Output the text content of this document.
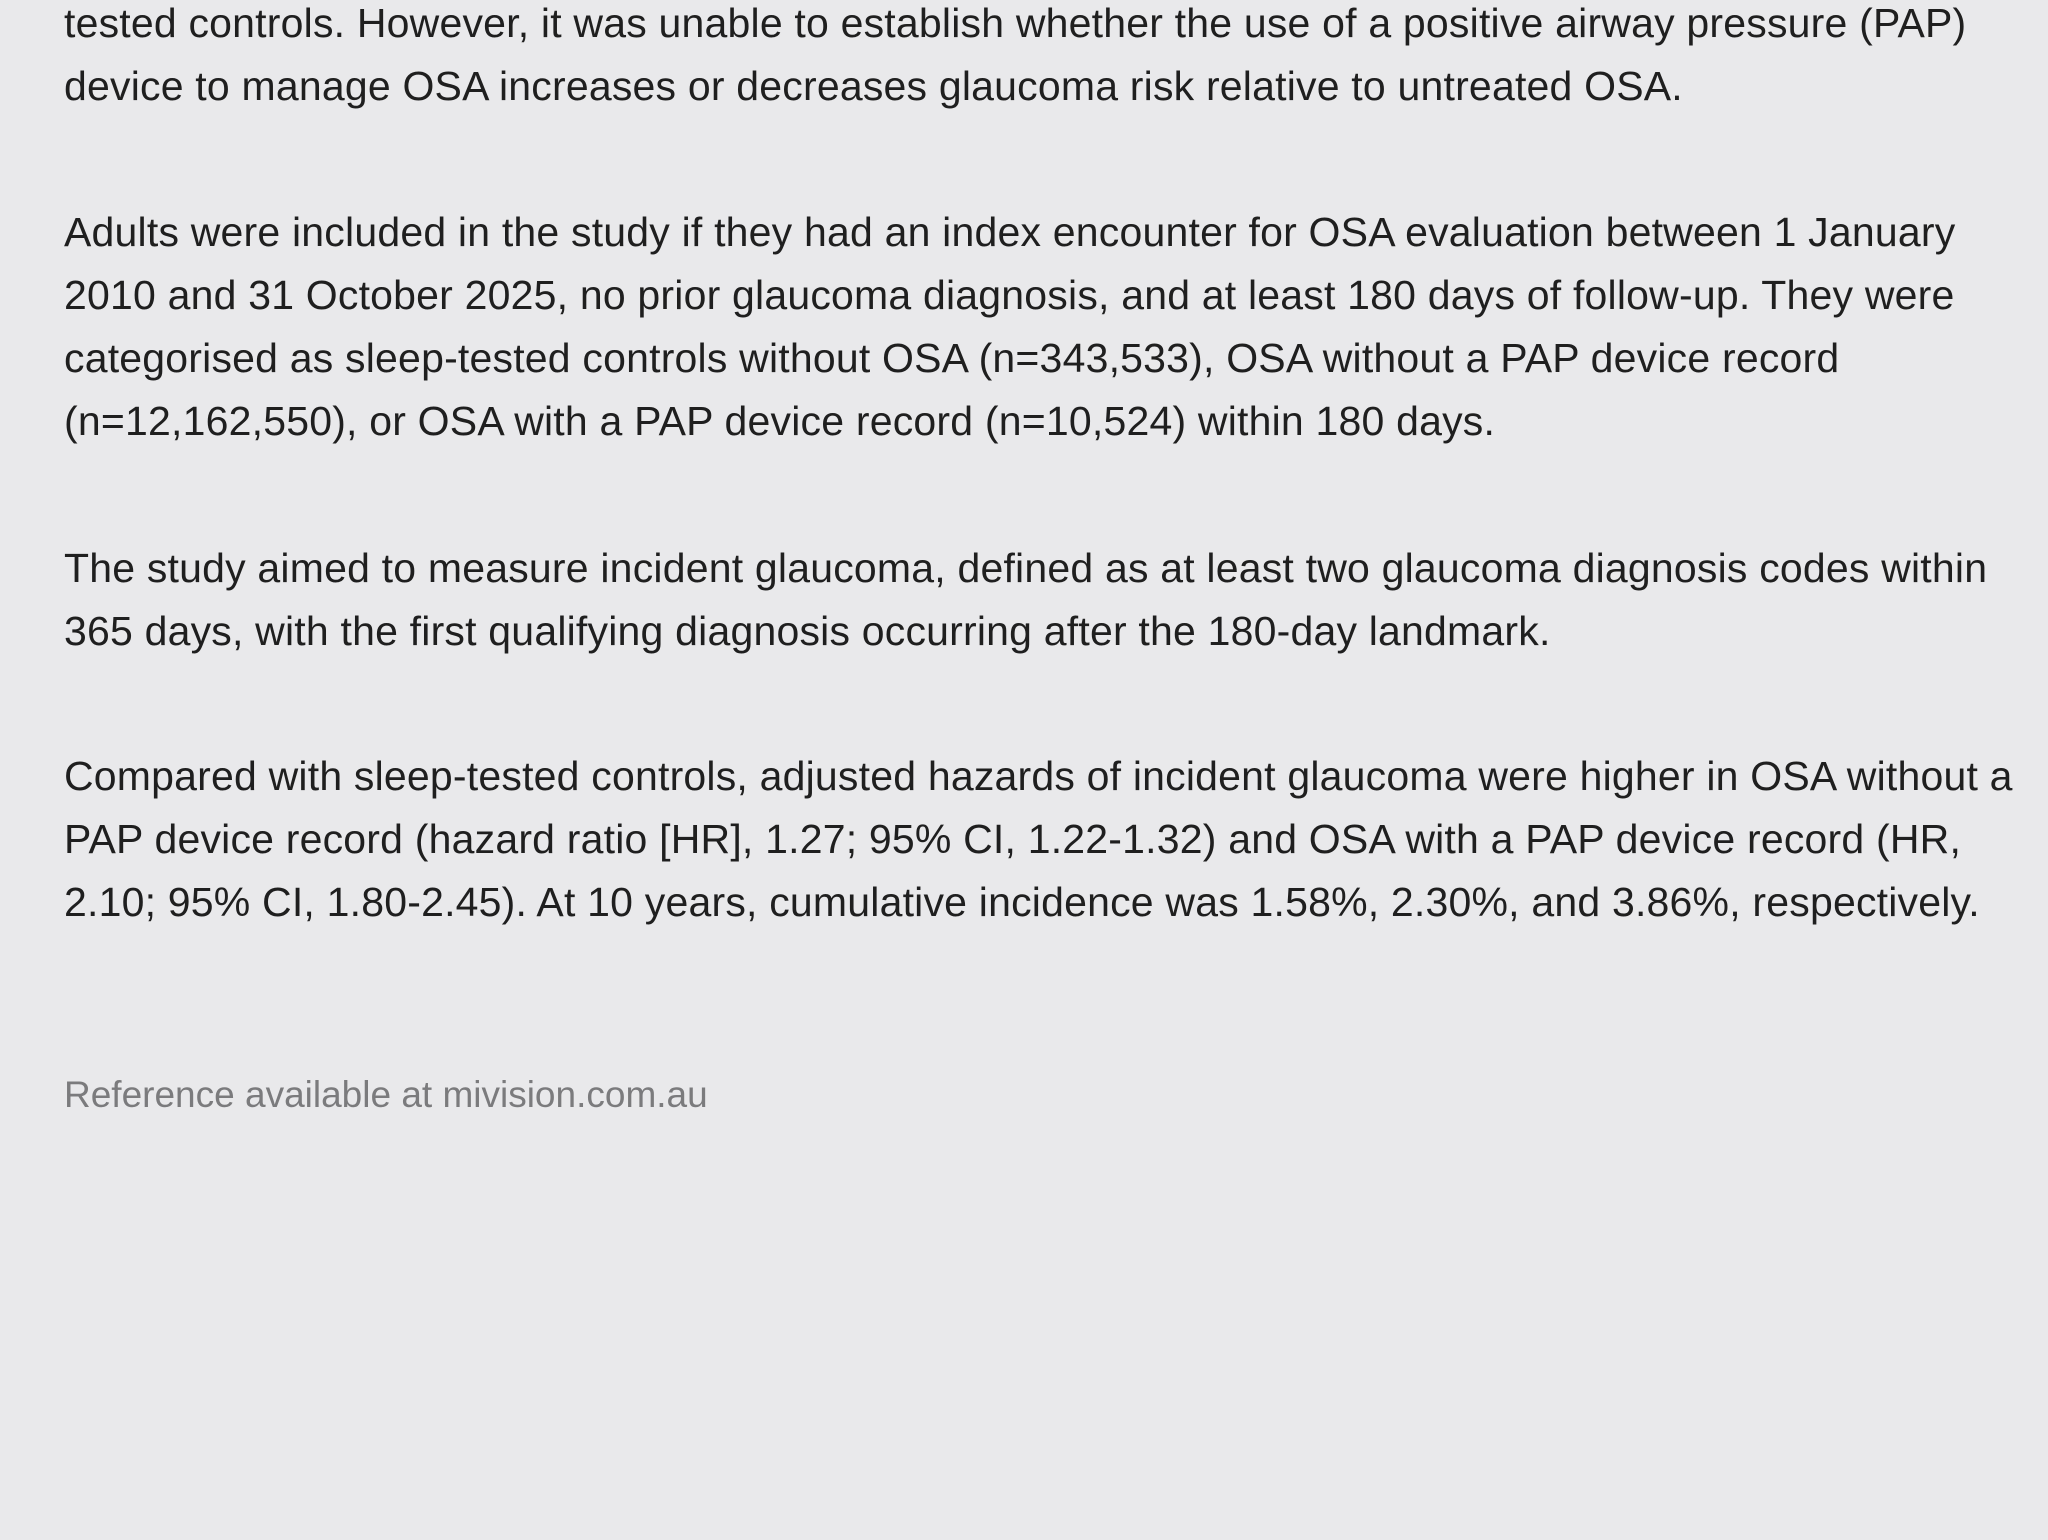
tested controls. However, it was unable to establish whether the use of a positive airway pressure (PAP) device to manage OSA increases or decreases glaucoma risk relative to untreated OSA.

Adults were included in the study if they had an index encounter for OSA evaluation between 1 January 2010 and 31 October 2025, no prior glaucoma diagnosis, and at least 180 days of follow-up. They were categorised as sleep-tested controls without OSA (n=343,533), OSA without a PAP device record (n=12,162,550), or OSA with a PAP device record (n=10,524) within 180 days.

The study aimed to measure incident glaucoma, defined as at least two glaucoma diagnosis codes within 365 days, with the first qualifying diagnosis occurring after the 180-day landmark.

Compared with sleep-tested controls, adjusted hazards of incident glaucoma were higher in OSA without a PAP device record (hazard ratio [HR], 1.27; 95% CI, 1.22-1.32) and OSA with a PAP device record (HR, 2.10; 95% CI, 1.80-2.45). At 10 years, cumulative incidence was 1.58%, 2.30%, and 3.86%, respectively.

Reference available at mivision.com.au
